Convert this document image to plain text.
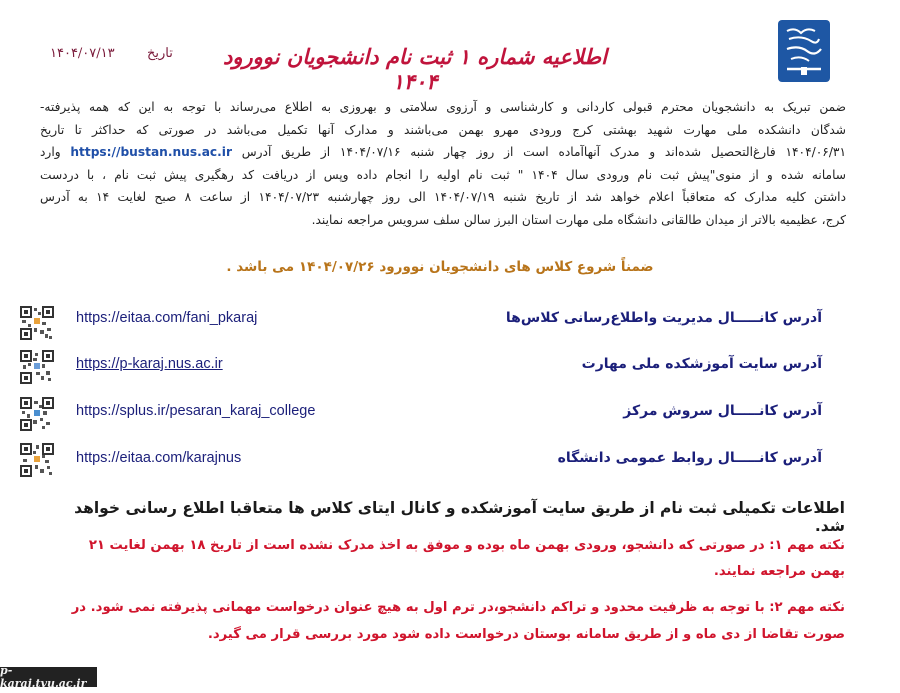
اطلاعیه شماره ۱ ثبت نام دانشجویان نوورود ۱۴۰۴
تاریخ
۱۴۰۴/۰۷/۱۳
ضمن تبریک به دانشجویان محترم قبولی کاردانی و کارشناسی و آرزوی سلامتی و بهروزی به اطلاع می‌رساند با توجه به این که همه پذیرفته-
شدگان دانشکده ملی مهارت شهید بهشتی کرج ورودی مهرو بهمن می‌باشند و مدارک آنها تکمیل می‌باشد در صورتی که حداکثر تا تاریخ
۱۴۰۴/۰۶/۳۱ فارغ‌التحصیل شده‌اند و مدرک آنهاآماده است از روز چهار شنبه ۱۴۰۴/۰۷/۱۶ از طریق آدرس https://bustan.nus.ac.ir وارد
سامانه شده و از منوی"پیش ثبت نام ورودی سال ۱۴۰۴ " ثبت نام اولیه را انجام داده وپس از دریافت کد رهگیری پیش ثبت نام ، با دردست
داشتن کلیه مدارک که متعاقباً اعلام خواهد شد از تاریخ شنبه ۱۴۰۴/۰۷/۱۹ الی روز چهارشنبه ۱۴۰۴/۰۷/۲۳ از ساعت ۸ صبح لغایت ۱۴ به آدرس
کرج، عظیمیه بالاتر از میدان طالقانی دانشگاه ملی مهارت استان البرز سالن سلف سرویس مراجعه نمایند.
ضمناً شروع کلاس های دانشجویان نوورود ۱۴۰۴/۰۷/۲۶ می باشد .
https://eitaa.com/fani_pkaraj	آدرس کانـــــال مدیریت واطلاع‌رسانی کلاس‌ها
https://p-karaj.nus.ac.ir	آدرس سایت آموزشکده ملی مهارت
https://splus.ir/pesaran_karaj_college	آدرس کانـــــال سروش مرکز
https://eitaa.com/karajnus	آدرس کانـــــال روابط عمومی دانشگاه
اطلاعات تکمیلی ثبت نام از طریق سایت آموزشکده و کانال ایتای کلاس ها متعاقبا اطلاع رسانی خواهد شد.
نکته مهم ۱: در صورتی که دانشجو، ورودی بهمن ماه بوده و موفق به اخذ مدرک نشده است از تاریخ ۱۸ بهمن لغایت ۲۱ بهمن مراجعه نمایند.
نکته مهم ۲: با توجه به ظرفیت محدود و تراکم دانشجو،در ترم اول به هیچ عنوان درخواست مهمانی پذیرفته نمی شود. در صورت تقاضا از دی ماه و از طریق سامانه بوستان درخواست داده شود مورد بررسی قرار می گیرد.
p-karaj.tvu.ac.ir
